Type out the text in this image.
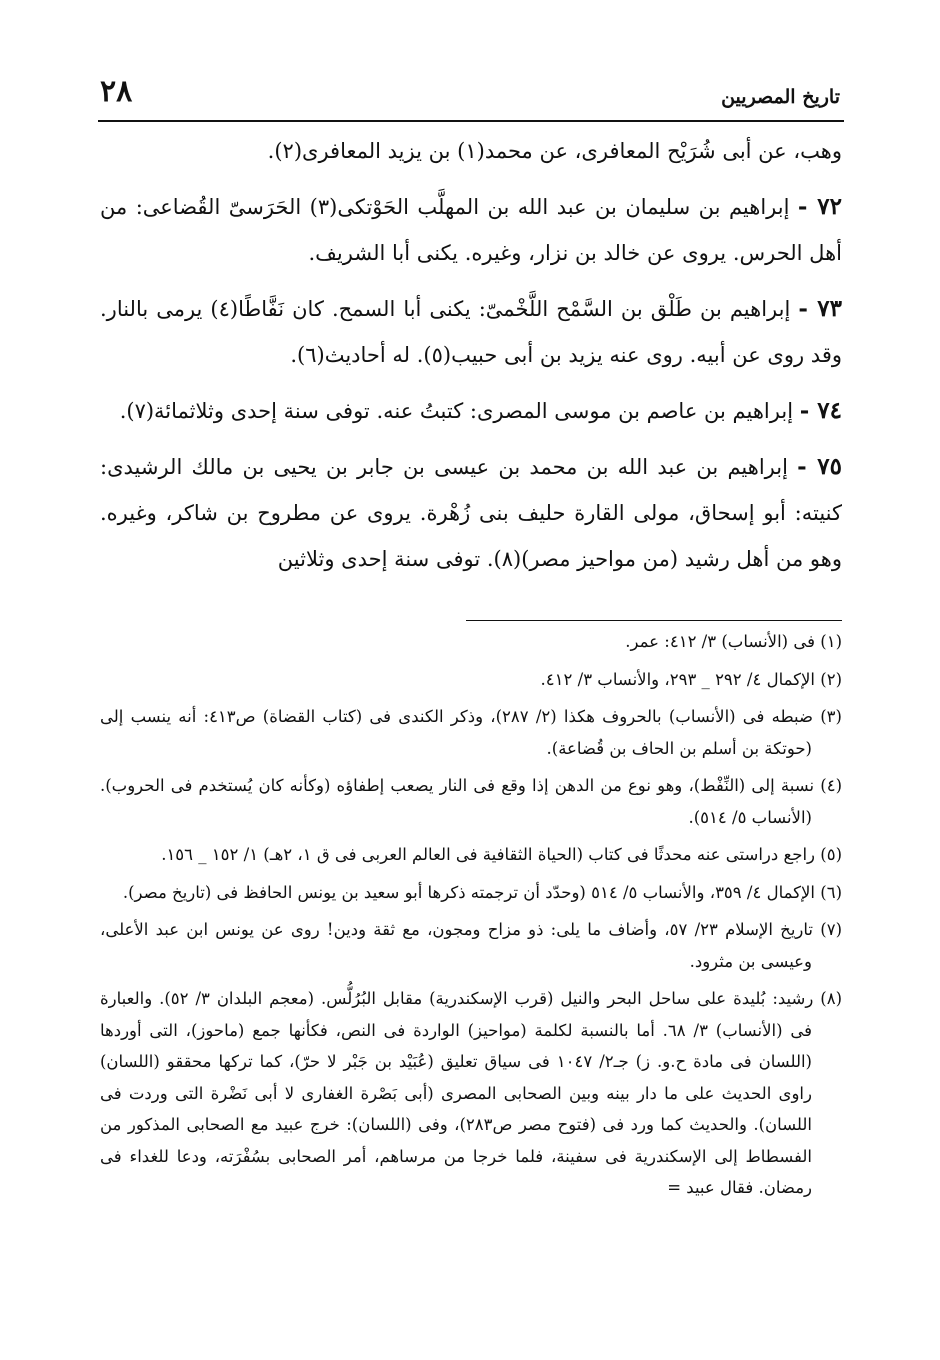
٢٨	تاريخ المصريين

وهب، عن أبى شُرَيْح المعافرى، عن محمد(١) بن يزيد المعافرى(٢).

٧٢ - إبراهيم بن سليمان بن عبد الله بن المهلَّب الحَوْتكى(٣) الحَرَسىّ القُضاعى: من أهل الحرس. يروى عن خالد بن نزار، وغيره. يكنى أبا الشريف.

٧٣ - إبراهيم بن طَلْق بن السَّمْح اللَّخْمىّ: يكنى أبا السمح. كان نَفَّاطًا(٤) يرمى بالنار. وقد روى عن أبيه. روى عنه يزيد بن أبى حبيب(٥). له أحاديث(٦).

٧٤ - إبراهيم بن عاصم بن موسى المصرى: كتبتُ عنه. توفى سنة إحدى وثلاثمائة(٧).

٧٥ - إبراهيم بن عبد الله بن محمد بن عيسى بن جابر بن يحيى بن مالك الرشيدى: كنيته: أبو إسحاق، مولى القارة حليف بنى زُهْرة. يروى عن مطروح بن شاكر، وغيره. وهو من أهل رشيد (من مواحيز مصر)(٨). توفى سنة إحدى وثلاثين

(١) فى (الأنساب) ٣/ ٤١٢: عمر.

(٢) الإكمال ٤/ ٢٩٢ _ ٢٩٣، والأنساب ٣/ ٤١٢.

(٣) ضبطه فى (الأنساب) بالحروف هكذا (٢/ ٢٨٧)، وذكر الكندى فى (كتاب القضاة) ص٤١٣: أنه ينسب إلى (حوتكة بن أسلم بن الحاف بن قُضاعة).

(٤) نسبة إلى (النِّفْط)، وهو نوع من الدهن إذا وقع فى النار يصعب إطفاؤه (وكأنه كان يُستخدم فى الحروب). (الأنساب ٥/ ٥١٤).

(٥) راجع دراستى عنه محدثًا فى كتاب (الحياة الثقافية فى العالم العربى فى ق ١، ٢هـ) ١/ ١٥٢ _ ١٥٦.

(٦) الإكمال ٤/ ٣٥٩، والأنساب ٥/ ٥١٤ (وحدّد أن ترجمته ذكرها أبو سعيد بن يونس الحافظ فى (تاريخ مصر).

(٧) تاريخ الإسلام ٢٣/ ٥٧، وأضاف ما يلى: ذو مزاح ومجون، مع ثقة ودين! روى عن يونس ابن عبد الأعلى، وعيسى بن مثرود.

(٨) رشيد: بُليدة على ساحل البحر والنيل (قرب الإسكندرية) مقابل البُرُلُّس. (معجم البلدان ٣/ ٥٢). والعبارة فى (الأنساب) ٣/ ٦٨. أما بالنسبة لكلمة (مواحيز) الواردة فى النص، فكأنها جمع (ماحوز)، التى أوردها (اللسان فى مادة ح.و. ز) جـ٢/ ١٠٤٧ فى سياق تعليق (عُبَيْد بن جَبْر لا حرّ)، كما تركها محققو (اللسان) راوى الحديث على ما دار بينه وبين الصحابى المصرى (أبى بَصْرة الغفارى لا أبى نَضْرة التى وردت فى اللسان). والحديث كما ورد فى (فتوح مصر ص٢٨٣)، وفى (اللسان): خرج عبيد مع الصحابى المذكور من الفسطاط إلى الإسكندرية فى سفينة، فلما خرجا من مرساهم، أمر الصحابى بسُفْرَته، ودعا للغداء فى رمضان. فقال عبيد =
